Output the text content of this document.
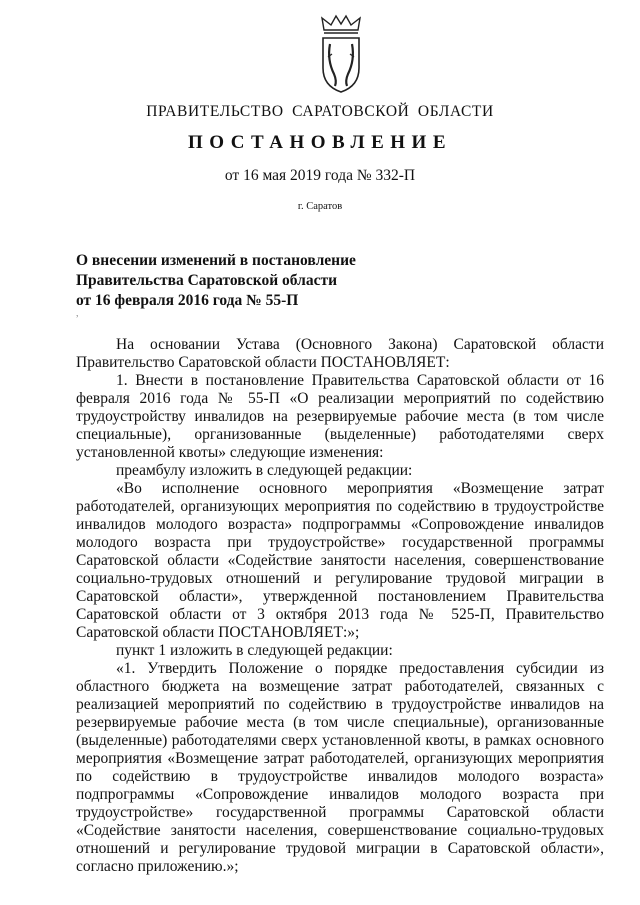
ПРАВИТЕЛЬСТВО САРАТОВСКОЙ ОБЛАСТИ
ПОСТАНОВЛЕНИЕ
от 16 мая 2019 года № 332-П
г. Саратов
О внесении изменений в постановление
Правительства Саратовской области
от 16 февраля 2016 года № 55-П
,

На основании Устава (Основного Закона) Саратовской области Правительство Саратовской области ПОСТАНОВЛЯЕТ:

1. Внести в постановление Правительства Саратовской области от 16 февраля 2016 года № 55-П «О реализации мероприятий по содействию трудоустройству инвалидов на резервируемые рабочие места (в том числе специальные), организованные (выделенные) работодателями сверх установленной квоты» следующие изменения:

преамбулу изложить в следующей редакции:

«Во исполнение основного мероприятия «Возмещение затрат работодателей, организующих мероприятия по содействию в трудоустройстве инвалидов молодого возраста» подпрограммы «Сопровождение инвалидов молодого возраста при трудоустройстве» государственной программы Саратовской области «Содействие занятости населения, совершенствование социально-трудовых отношений и регулирование трудовой миграции в Саратовской области», утвержденной постановлением Правительства Саратовской области от 3 октября 2013 года № 525-П, Правительство Саратовской области ПОСТАНОВЛЯЕТ:»;

пункт 1 изложить в следующей редакции:

«1. Утвердить Положение о порядке предоставления субсидии из областного бюджета на возмещение затрат работодателей, связанных с реализацией мероприятий по содействию в трудоустройстве инвалидов на резервируемые рабочие места (в том числе специальные), организованные (выделенные) работодателями сверх установленной квоты, в рамках основного мероприятия «Возмещение затрат работодателей, организующих мероприятия по содействию в трудоустройстве инвалидов молодого возраста» подпрограммы «Сопровождение инвалидов молодого возраста при трудоустройстве» государственной программы Саратовской области «Содействие занятости населения, совершенствование социально-трудовых отношений и регулирование трудовой миграции в Саратовской области», согласно приложению.»;
